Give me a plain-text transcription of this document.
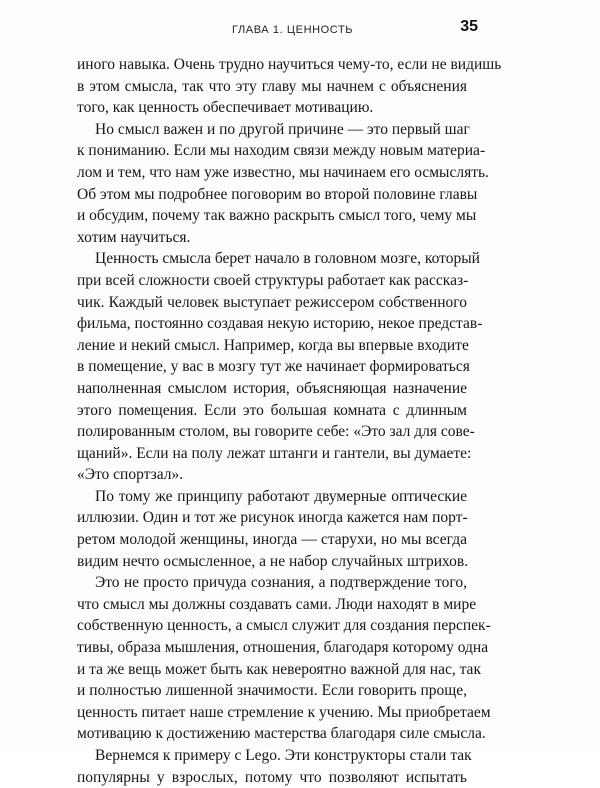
ГЛАВА 1. ЦЕННОСТЬ	35
иного навыка. Очень трудно научиться чему-то, если не видишь
в этом смысла, так что эту главу мы начнем с объяснения
того, как ценность обеспечивает мотивацию.
Но смысл важен и по другой причине — это первый шаг
к пониманию. Если мы находим связи между новым материа-
лом и тем, что нам уже известно, мы начинаем его осмыслять.
Об этом мы подробнее поговорим во второй половине главы
и обсудим, почему так важно раскрыть смысл того, чему мы
хотим научиться.
Ценность смысла берет начало в головном мозге, который
при всей сложности своей структуры работает как рассказ-
чик. Каждый человек выступает режиссером собственного
фильма, постоянно создавая некую историю, некое представ-
ление и некий смысл. Например, когда вы впервые входите
в помещение, у вас в мозгу тут же начинает формироваться
наполненная смыслом история, объясняющая назначение
этого помещения. Если это большая комната с длинным
полированным столом, вы говорите себе: «Это зал для сове-
щаний». Если на полу лежат штанги и гантели, вы думаете:
«Это спортзал».
По тому же принципу работают двумерные оптические
иллюзии. Один и тот же рисунок иногда кажется нам порт-
ретом молодой женщины, иногда — старухи, но мы всегда
видим нечто осмысленное, а не набор случайных штрихов.
Это не просто причуда сознания, а подтверждение того,
что смысл мы должны создавать сами. Люди находят в мире
собственную ценность, а смысл служит для создания перспек-
тивы, образа мышления, отношения, благодаря которому одна
и та же вещь может быть как невероятно важной для нас, так
и полностью лишенной значимости. Если говорить проще,
ценность питает наше стремление к учению. Мы приобретаем
мотивацию к достижению мастерства благодаря силе смысла.
Вернемся к примеру с Lego. Эти конструкторы стали так
популярны у взрослых, потому что позволяют испытать
